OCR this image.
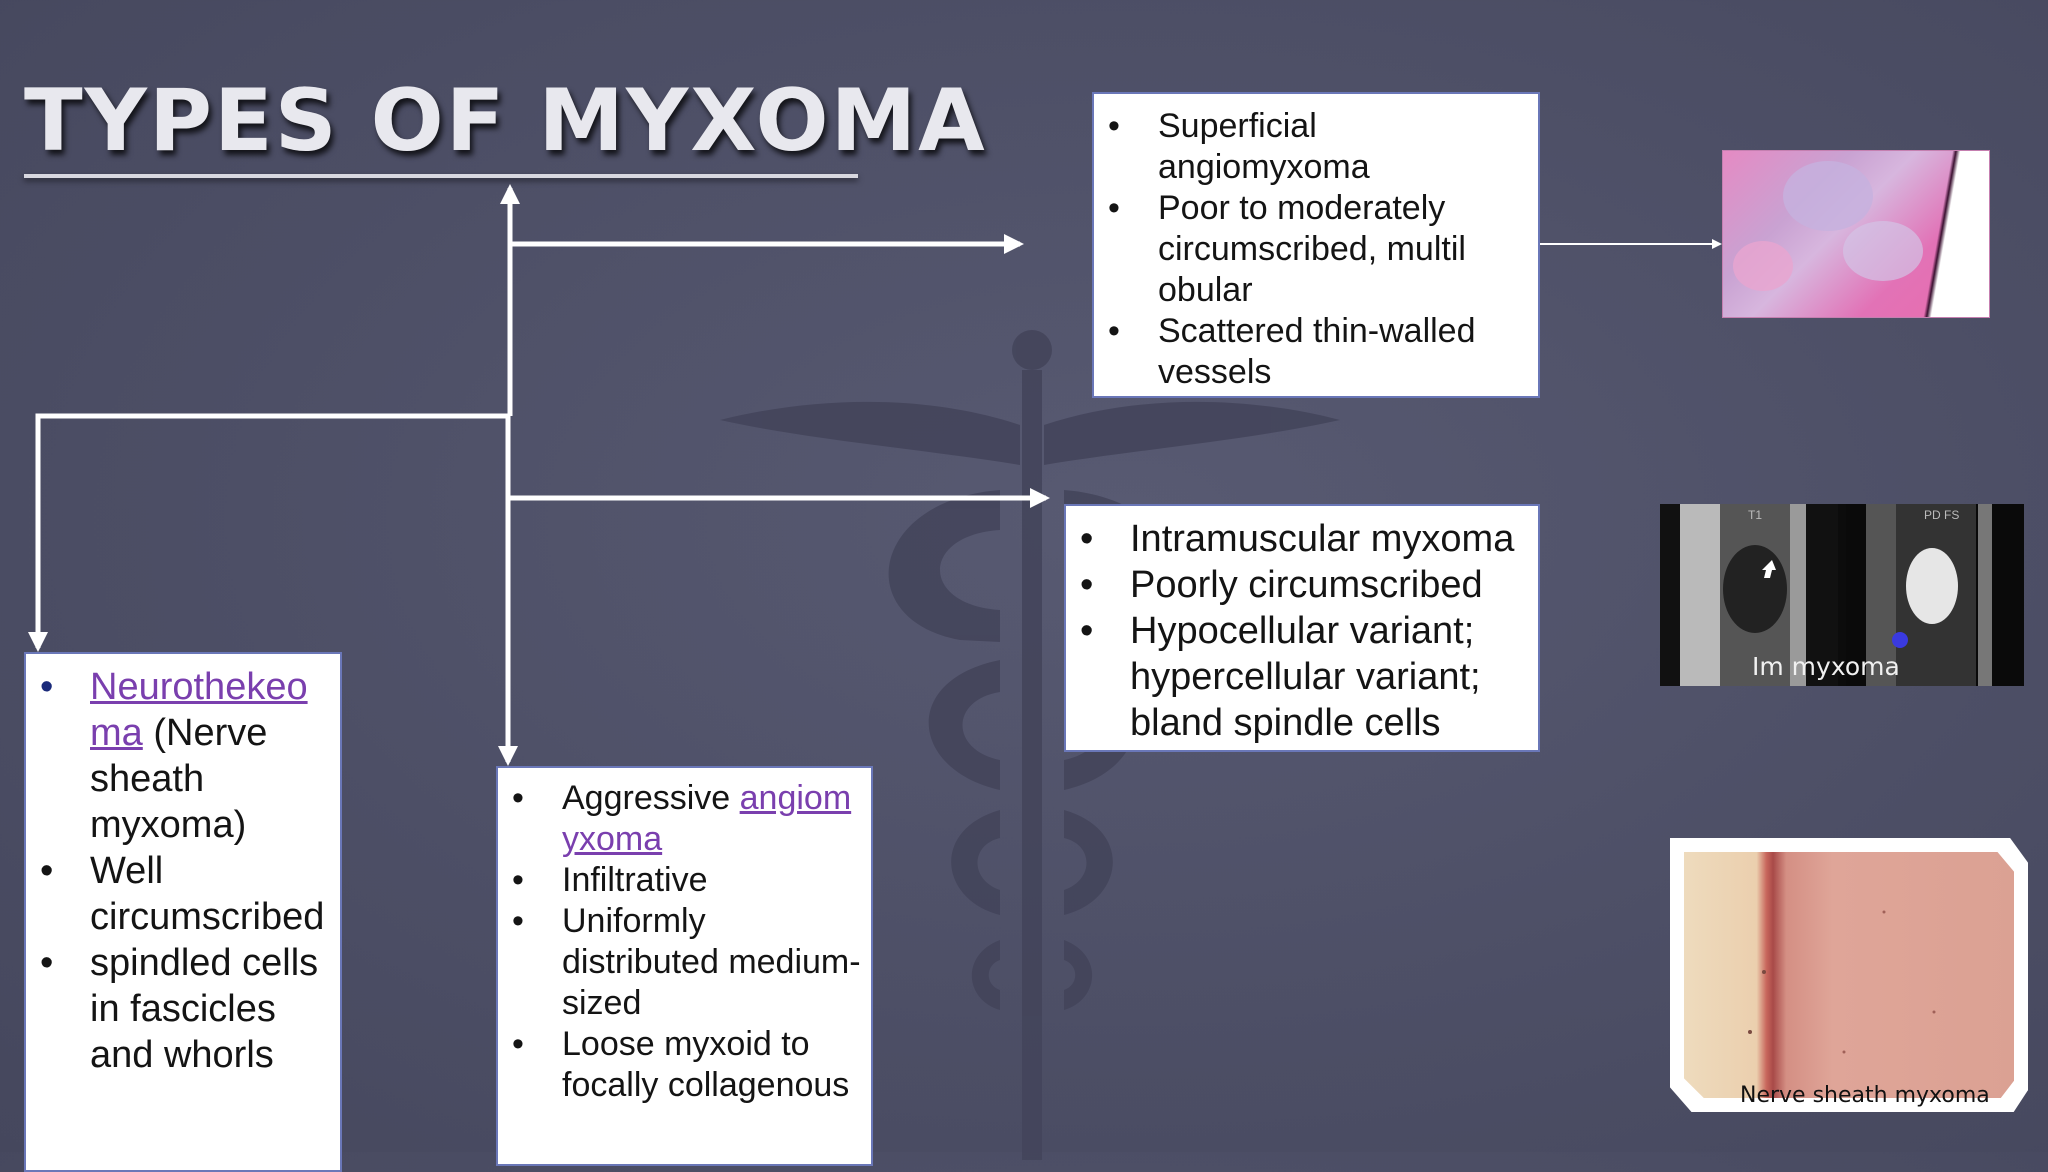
TYPES OF MYXOMA	• Superficial angiomyxoma
• Poor to moderately circumscribed, multil obular
• Scattered thin-walled vessels
• Intramuscular myxoma
• Poorly circumscribed
• Hypocellular variant; hypercellular variant; bland spindle cells
• Aggressive angiom
yxoma
• Infiltrative
• Uniformly distributed medium-sized
• Loose myxoid to focally collagenous
• Neurothekeo
ma (Nerve sheath myxoma)
• Well circumscribed
• spindled cells in fascicles and whorls
T1	PD FS
Im myxoma
Nerve sheath myxoma
